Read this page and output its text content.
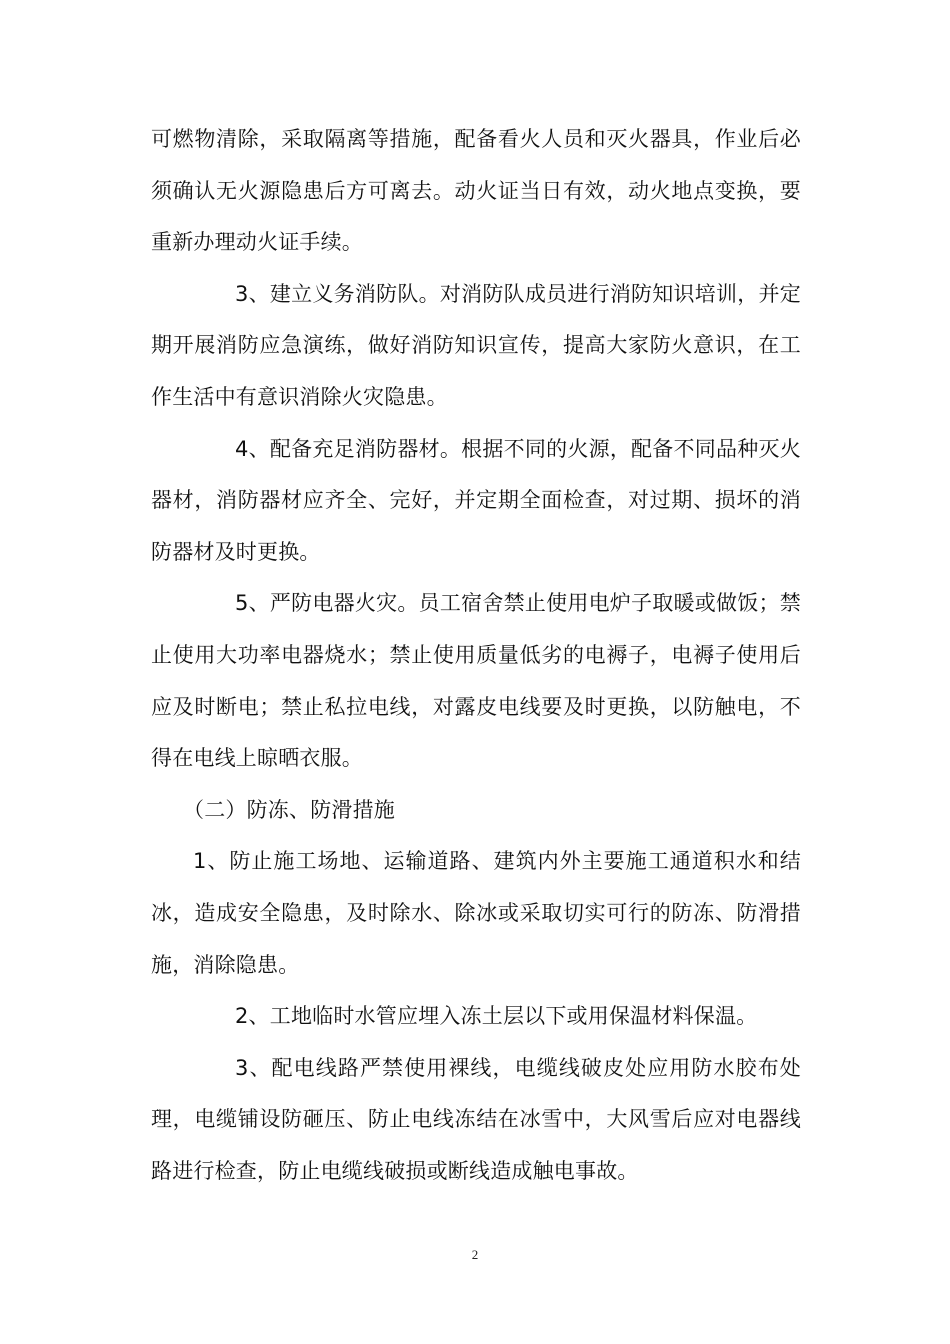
可燃物清除，采取隔离等措施，配备看火人员和灭火器具，作业后必须确认无火源隐患后方可离去。动火证当日有效，动火地点变换，要重新办理动火证手续。

3、建立义务消防队。对消防队成员进行消防知识培训，并定期开展消防应急演练，做好消防知识宣传，提高大家防火意识，在工作生活中有意识消除火灾隐患。

4、配备充足消防器材。根据不同的火源，配备不同品种灭火器材，消防器材应齐全、完好，并定期全面检查，对过期、损坏的消防器材及时更换。

5、严防电器火灾。员工宿舍禁止使用电炉子取暖或做饭；禁止使用大功率电器烧水；禁止使用质量低劣的电褥子，电褥子使用后应及时断电；禁止私拉电线，对露皮电线要及时更换，以防触电，不得在电线上晾晒衣服。

（二）防冻、防滑措施

1、防止施工场地、运输道路、建筑内外主要施工通道积水和结冰，造成安全隐患，及时除水、除冰或采取切实可行的防冻、防滑措施，消除隐患。

2、工地临时水管应埋入冻土层以下或用保温材料保温。

3、配电线路严禁使用裸线，电缆线破皮处应用防水胶布处理，电缆铺设防砸压、防止电线冻结在冰雪中，大风雪后应对电器线路进行检查，防止电缆线破损或断线造成触电事故。

2
